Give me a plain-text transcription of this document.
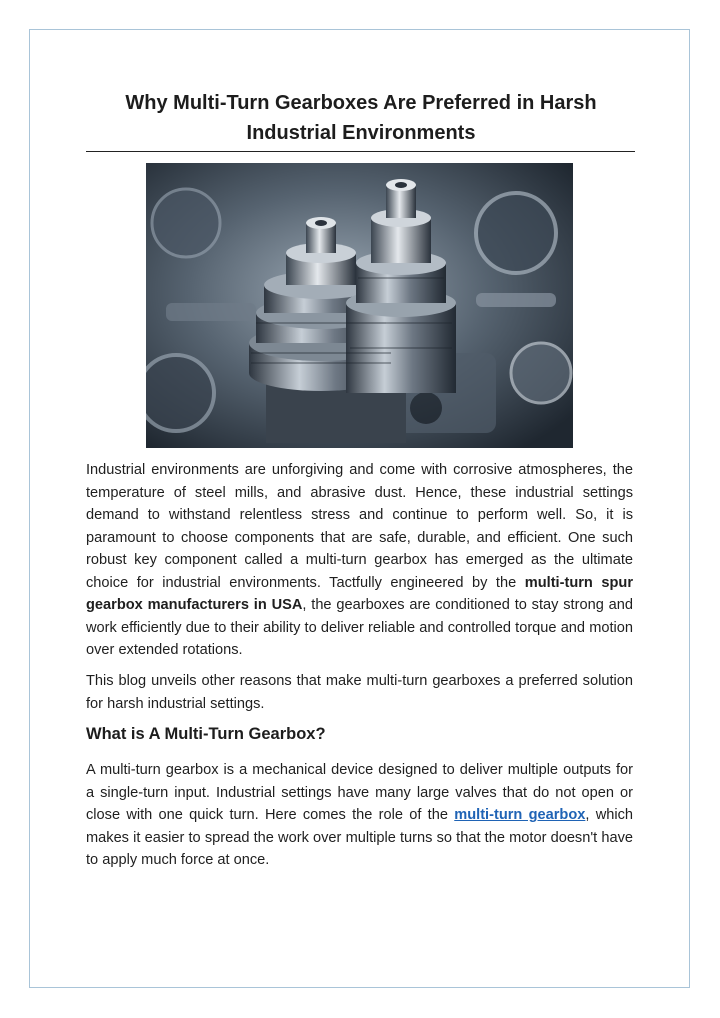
Why Multi-Turn Gearboxes Are Preferred in Harsh Industrial Environments
Industrial environments are unforgiving and come with corrosive atmospheres, the temperature of steel mills, and abrasive dust. Hence, these industrial settings demand to withstand relentless stress and continue to perform well. So, it is paramount to choose components that are safe, durable, and efficient. One such robust key component called a multi-turn gearbox has emerged as the ultimate choice for industrial environments. Tactfully engineered by the multi-turn spur gearbox manufacturers in USA, the gearboxes are conditioned to stay strong and work efficiently due to their ability to deliver reliable and controlled torque and motion over extended rotations.
This blog unveils other reasons that make multi-turn gearboxes a preferred solution for harsh industrial settings.
What is A Multi-Turn Gearbox?
A multi-turn gearbox is a mechanical device designed to deliver multiple outputs for a single-turn input. Industrial settings have many large valves that do not open or close with one quick turn. Here comes the role of the multi-turn gearbox, which makes it easier to spread the work over multiple turns so that the motor doesn't have to apply much force at once.
